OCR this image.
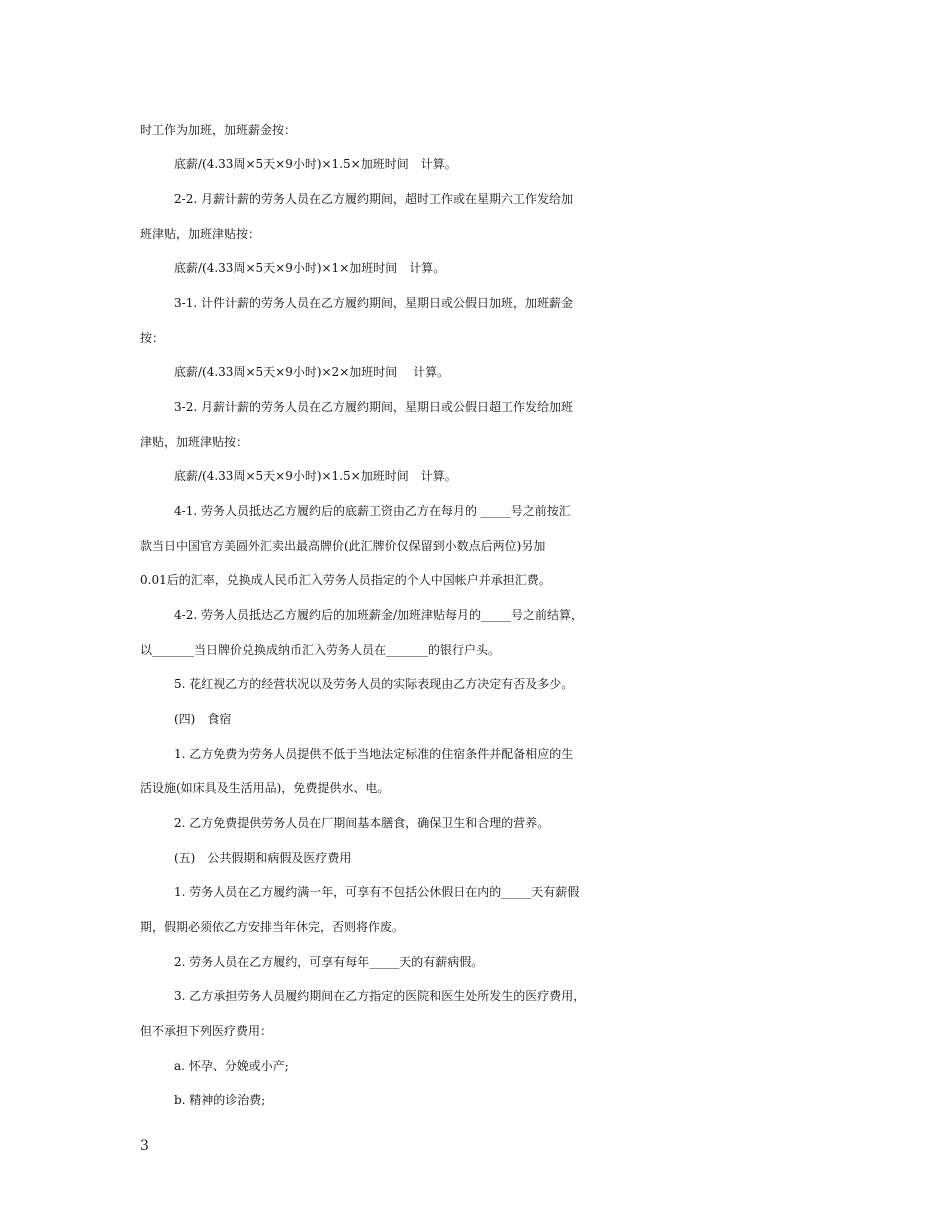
时工作为加班，加班薪金按：
底薪/(4.33周×5天×9小时)×1.5×加班时间　计算。
2-2. 月薪计薪的劳务人员在乙方履约期间，超时工作或在星期六工作发给加
班津贴，加班津贴按：
底薪/(4.33周×5天×9小时)×1×加班时间　计算。
3-1. 计件计薪的劳务人员在乙方履约期间，星期日或公假日加班，加班薪金
按：
底薪/(4.33周×5天×9小时)×2×加班时间　 计算。
3-2. 月薪计薪的劳务人员在乙方履约期间，星期日或公假日超工作发给加班
津贴，加班津贴按：
底薪/(4.33周×5天×9小时)×1.5×加班时间　计算。
4-1. 劳务人员抵达乙方履约后的底薪工资由乙方在每月的 _____号之前按汇
款当日中国官方美圆外汇卖出最高牌价(此汇牌价仅保留到小数点后两位)另加
0.01后的汇率，兑换成人民币汇入劳务人员指定的个人中国帐户并承担汇费。
4-2. 劳务人员抵达乙方履约后的加班薪金/加班津贴每月的_____号之前结算，
以_______当日牌价兑换成纳币汇入劳务人员在_______的银行户头。
5. 花红视乙方的经营状况以及劳务人员的实际表现由乙方决定有否及多少。
(四)　食宿
1. 乙方免费为劳务人员提供不低于当地法定标准的住宿条件并配备相应的生
活设施(如床具及生活用品)，免费提供水、电。
2. 乙方免费提供劳务人员在厂期间基本膳食，确保卫生和合理的营养。
(五)　公共假期和病假及医疗费用
1. 劳务人员在乙方履约满一年，可享有不包括公休假日在内的_____天有薪假
期，假期必须依乙方安排当年休完，否则将作废。
2. 劳务人员在乙方履约，可享有每年_____天的有薪病假。
3. 乙方承担劳务人员履约期间在乙方指定的医院和医生处所发生的医疗费用，
但不承担下列医疗费用：
a. 怀孕、分娩或小产;
b. 精神的诊治费;
3
